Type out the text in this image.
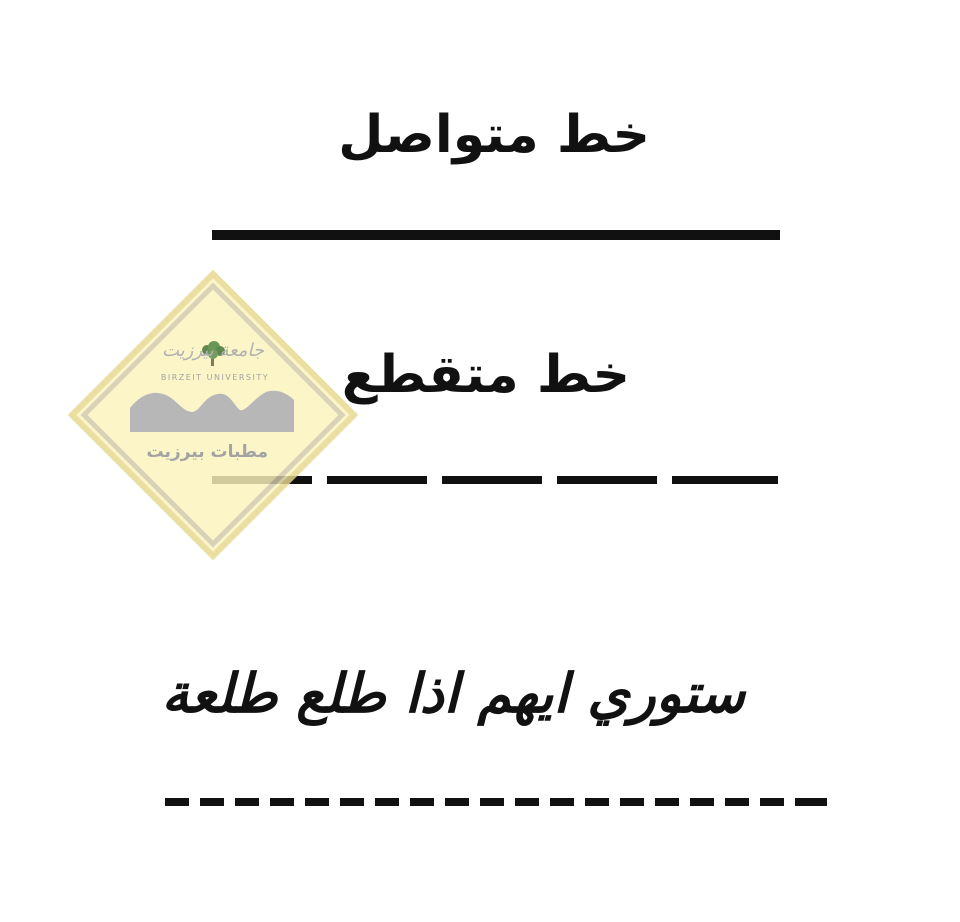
خط متواصل
خط متقطع
ستوري ايهم اذا طلع طلعة
جامعة بيرزيت
BIRZEIT UNIVERSITY
مطبات بيرزيت
